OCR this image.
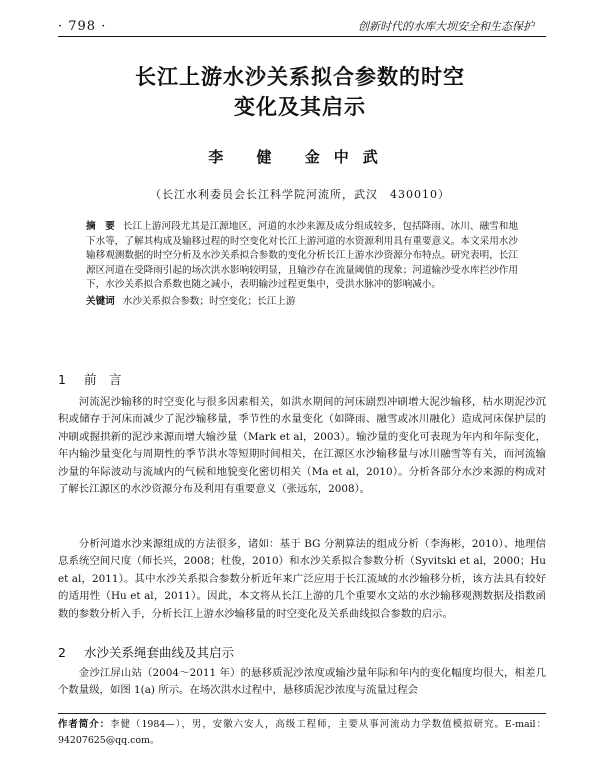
· 798 ·	创新时代的水库大坝安全和生态保护
长江上游水沙关系拟合参数的时空
变化及其启示
李 健 金中武
（长江水利委员会长江科学院河流所，武汉　430010）
摘　要 长江上游河段尤其是江源地区，河道的水沙来源及成分组成较多，包括降雨、冰川、融雪和地下水等，了解其构成及输移过程的时空变化对长江上游河道的水资源利用具有重要意义。本文采用水沙输移观测数据的时空分析及水沙关系拟合参数的变化分析长江上游水沙资源分布特点。研究表明，长江源区河道在受降雨引起的场次洪水影响较明显，且输沙存在流量阈值的现象；河道输沙受水库拦沙作用下，水沙关系拟合系数也随之减小，表明输沙过程更集中，受洪水脉冲的影响减小。
关键词 水沙关系拟合参数；时空变化；长江上游
1 前　言

河流泥沙输移的时空变化与很多因素相关，如洪水期间的河床剧烈冲刷增大泥沙输移，枯水期泥沙沉积或储存于河床而减少了泥沙输移量，季节性的水量变化（如降雨、融雪或冰川融化）造成河床保护层的冲刷或握拱新的泥沙来源而增大输沙量（Mark et al，2003）。输沙量的变化可表现为年内和年际变化，年内输沙量变化与周期性的季节洪水等短期时间相关，在江源区水沙输移量与冰川融雪等有关，而河流输沙量的年际波动与流域内的气候和地貌变化密切相关（Ma et al，2010）。分析各部分水沙来源的构成对了解长江源区的水沙资源分布及利用有重要意义（张远东，2008）。

分析河道水沙来源组成的方法很多，诸如：基于 BG 分割算法的组成分析（李海彬，2010）、地理信息系统空间尺度（师长兴，2008；杜俊，2010）和水沙关系拟合参数分析（Syvitski et al，2000；Hu et al，2011）。其中水沙关系拟合参数分析近年来广泛应用于长江流域的水沙输移分析，该方法具有较好的适用性（Hu et al，2011）。因此，本文将从长江上游的几个重要水文站的水沙输移观测数据及指数函数的参数分析入手，分析长江上游水沙输移量的时空变化及关系曲线拟合参数的启示。

2 水沙关系绳套曲线及其启示

金沙江屏山站（2004～2011 年）的悬移质泥沙浓度或输沙量年际和年内的变化幅度均很大，相差几个数量级，如图 1(a) 所示。在场次洪水过程中，悬移质泥沙浓度与流量过程会

作者简介：李健（1984—），男，安徽六安人，高级工程师，主要从事河流动力学数值模拟研究。E-mail：94207625@qq.com。
